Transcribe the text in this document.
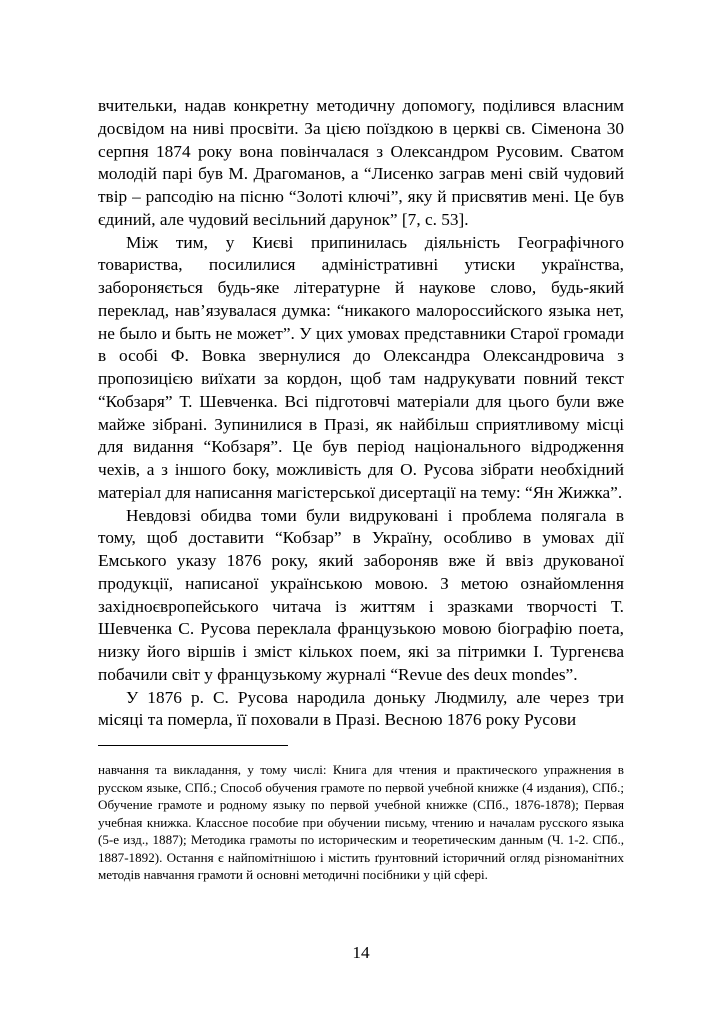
вчительки, надав конкретну методичну допомогу, поділився власним досвідом на ниві просвіти. За цією поїздкою в церкві св. Сіменона 30 серпня 1874 року вона повінчалася з Олександром Русовим. Сватом молодій парі був М. Драгоманов, а “Лисенко заграв мені свій чудовий твір – рапсодію на пісню “Золоті ключі”, яку й присвятив мені. Це був єдиний, але чудовий весільний дарунок” [7, с. 53].

Між тим, у Києві припинилась діяльність Географічного товариства, посилилися адміністративні утиски українства, забороняється будь-яке літературне й наукове слово, будь-який переклад, нав’язувалася думка: “никакого малороссийского языка нет, не было и быть не может”. У цих умовах представники Старої громади в особі Ф. Вовка звернулися до Олександра Олександровича з пропозицією виїхати за кордон, щоб там надрукувати повний текст “Кобзаря” Т. Шевченка. Всі підготовчі матеріали для цього були вже майже зібрані. Зупинилися в Празі, як найбільш сприятливому місці для видання “Кобзаря”. Це був період національного відродження чехів, а з іншого боку, можливість для О. Русова зібрати необхідний матеріал для написання магістерської дисертації на тему: “Ян Жижка”.

Невдовзі обидва томи були видруковані і проблема полягала в тому, щоб доставити “Кобзар” в Україну, особливо в умовах дії Емського указу 1876 року, який забороняв вже й ввіз друкованої продукції, написаної українською мовою. З метою ознайомлення західноєвропейського читача із життям і зразками творчості Т. Шевченка С. Русова переклала французькою мовою біографію поета, низку його віршів і зміст кількох поем, які за пітримки І. Тургенєва побачили світ у французькому журналі “Revue des deux mondes”.

У 1876 р. С. Русова народила доньку Людмилу, але через три місяці та померла, її поховали в Празі. Весною 1876 року Русови

навчання та викладання, у тому числі: Книга для чтения и практического упражнения в русском языке, СПб.; Способ обучения грамоте по первой учебной книжке (4 издания), СПб.; Обучение грамоте и родному языку по первой учебной книжке (СПб., 1876-1878); Первая учебная книжка. Классное пособие при обучении письму, чтению и началам русского языка (5-е изд., 1887); Методика грамоты по историческим и теоретическим данным (Ч. 1-2. СПб., 1887-1892). Остання є найпомітнішою і містить ґрунтовний історичний огляд різноманітних методів навчання грамоти й основні методичні посібники у цій сфері.

14
